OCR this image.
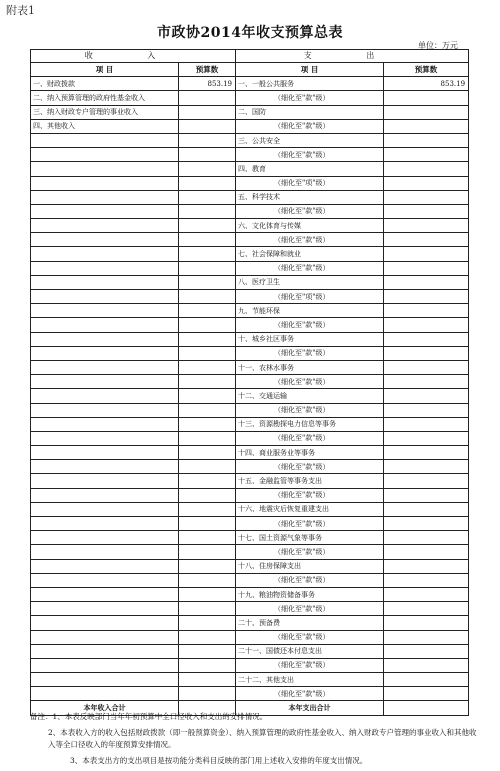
附表1
市政协2014年收支预算总表
单位：万元
收 入		支 出	
项 目	预算数	项 目	预算数
一、财政拨款	853.19	一、一般公共服务	853.19
二、纳入预算管理的政府性基金收入		（细化至"款"级）	
三、纳入财政专户管理的事业收入		二、国防	
四、其他收入		（细化至"款"级）	
		三、公共安全	
		（细化至"款"级）	
		四、教育	
		（细化至"项"级）	
		五、科学技术	
		（细化至"款"级）	
		六、文化体育与传媒	
		（细化至"款"级）	
		七、社会保障和就业	
		（细化至"款"级）	
		八、医疗卫生	
		（细化至"项"级）	
		九、节能环保	
		（细化至"款"级）	
		十、城乡社区事务	
		（细化至"款"级）	
		十一、农林水事务	
		（细化至"款"级）	
		十二、交通运输	
		（细化至"款"级）	
		十三、资源勘探电力信息等事务	
		（细化至"款"级）	
		十四、商业服务业等事务	
		（细化至"款"级）	
		十五、金融监管等事务支出	
		（细化至"款"级）	
		十六、地震灾后恢复重建支出	
		（细化至"款"级）	
		十七、国土资源气象等事务	
		（细化至"款"级）	
		十八、住房保障支出	
		（细化至"款"级）	
		十九、粮油物资储备事务	
		（细化至"款"级）	
		二十、预备费	
		（细化至"款"级）	
		二十一、国债还本付息支出	
		（细化至"款"级）	
		二十二、其他支出	
		（细化至"款"级）	
本年收入合计		本年支出合计	

备注：1、本表反映部门当年年初预算中全口径收入和支出的安排情况。

2、本表收入方的收入包括财政拨款（即一般预算资金）、纳入预算管理的政府性基金收入、纳入财政专户管理的事业收入和其他收入等全口径收入的年度预算安排情况。

3、本表支出方的支出项目是按功能分类科目反映的部门用上述收入安排的年度支出情况。
